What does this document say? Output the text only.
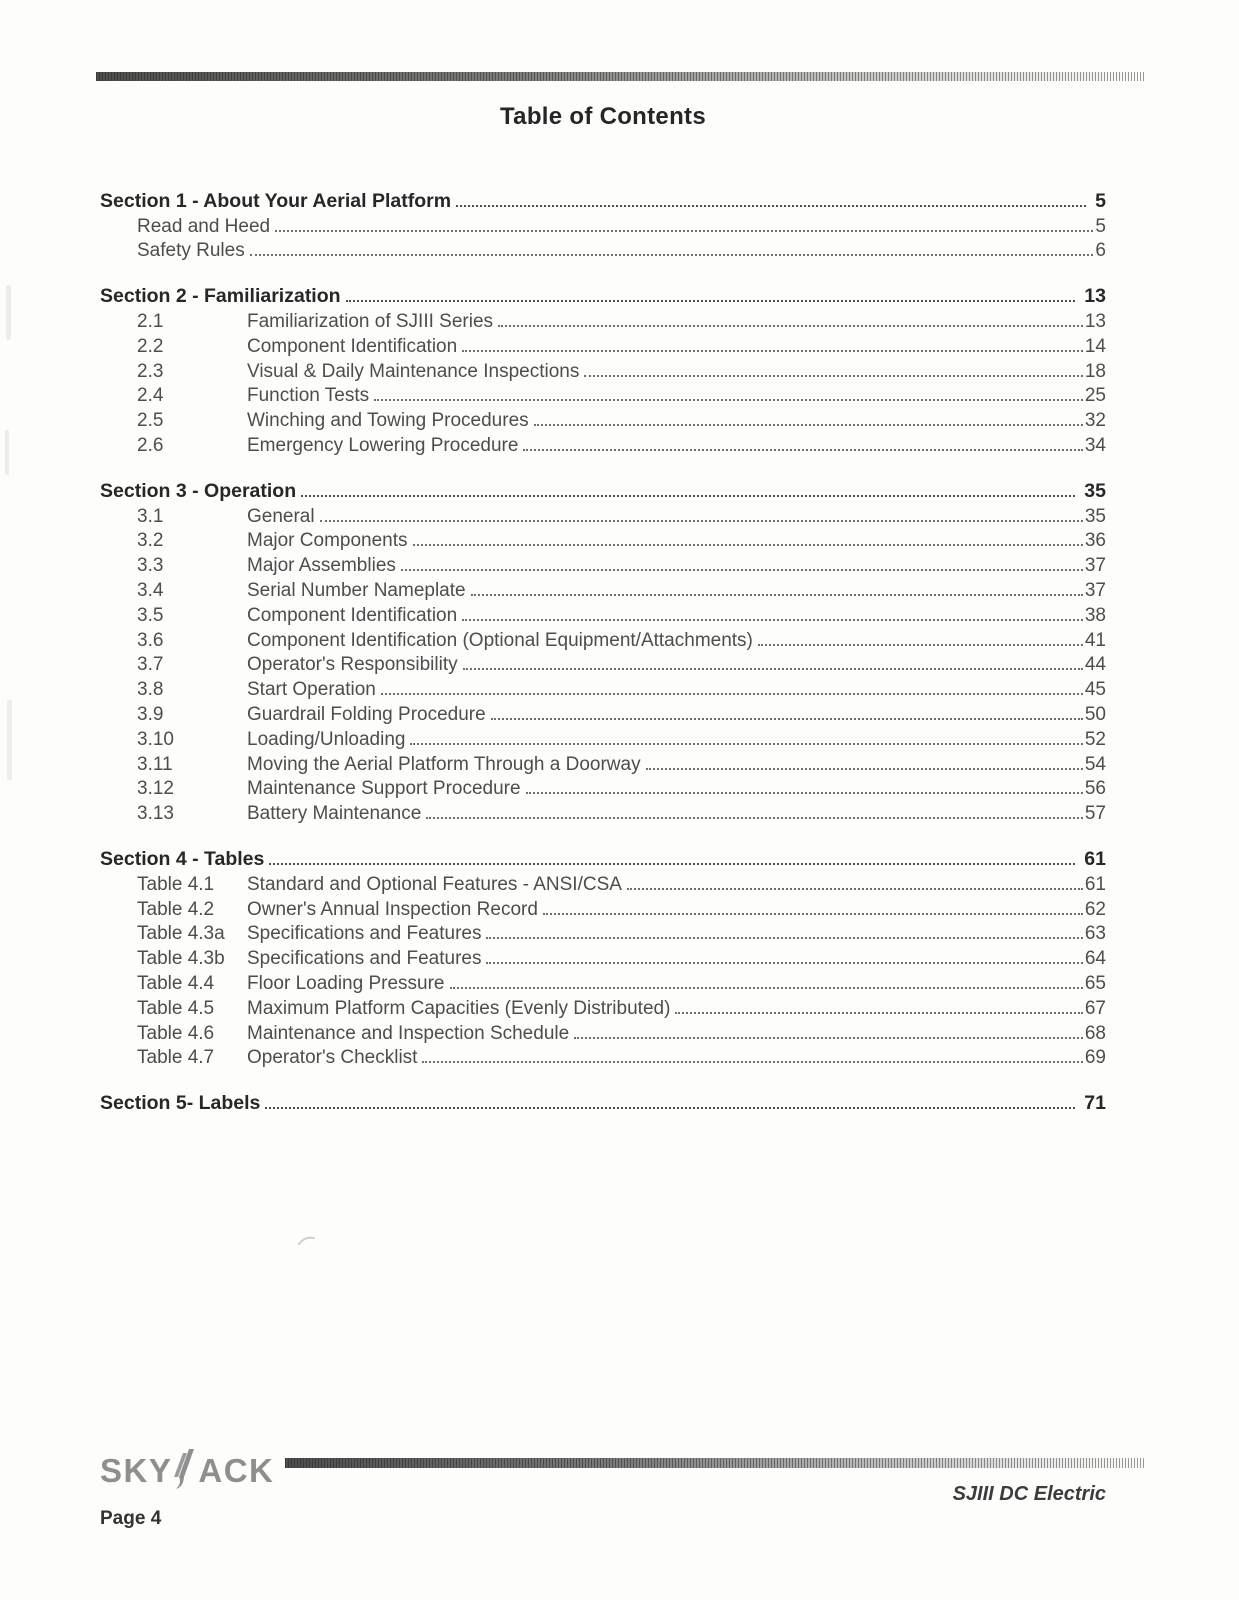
Table of Contents
Section 1 - About Your Aerial Platform	5
Read and Heed	5
Safety Rules	6
Section 2 - Familiarization	13
2.1	Familiarization of SJIII Series	13
2.2	Component Identification	14
2.3	Visual & Daily Maintenance Inspections	18
2.4	Function Tests	25
2.5	Winching and Towing Procedures	32
2.6	Emergency Lowering Procedure	34
Section 3 - Operation	35
3.1	General	35
3.2	Major Components	36
3.3	Major Assemblies	37
3.4	Serial Number Nameplate	37
3.5	Component Identification	38
3.6	Component Identification (Optional Equipment/Attachments)	41
3.7	Operator's Responsibility	44
3.8	Start Operation	45
3.9	Guardrail Folding Procedure	50
3.10	Loading/Unloading	52
3.11	Moving the Aerial Platform Through a Doorway	54
3.12	Maintenance Support Procedure	56
3.13	Battery Maintenance	57
Section 4 - Tables	61
Table 4.1	Standard and Optional Features - ANSI/CSA	61
Table 4.2	Owner's Annual Inspection Record	62
Table 4.3a	Specifications and Features	63
Table 4.3b	Specifications and Features	64
Table 4.4	Floor Loading Pressure	65
Table 4.5	Maximum Platform Capacities (Evenly Distributed)	67
Table 4.6	Maintenance and Inspection Schedule	68
Table 4.7	Operator's Checklist	69
Section 5- Labels	71
SKY ACK
SJIII DC Electric
Page 4
